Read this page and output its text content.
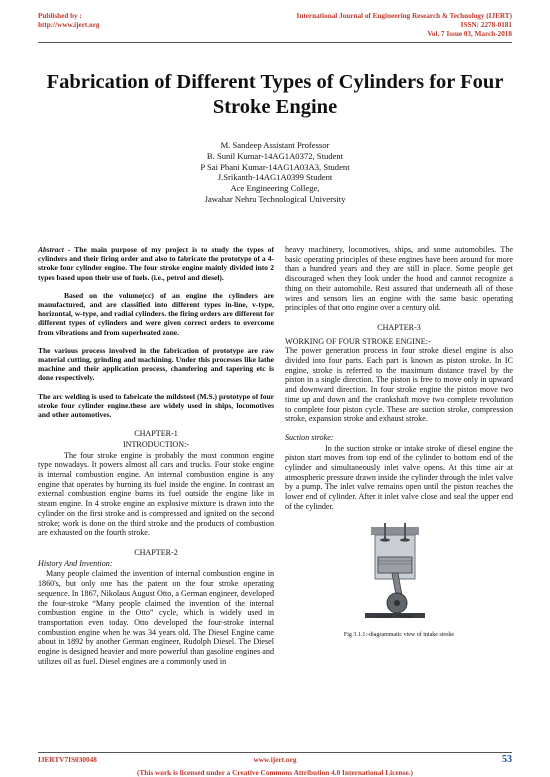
Published by :
http://www.ijert.org
International Journal of Engineering Research & Technology (IJERT)
ISSN: 2278-0181
Vol. 7 Issue 03, March-2018
Fabrication of Different Types of Cylinders for Four Stroke Engine
M. Sandeep Assistant Professor
B. Sunil Kumar-14AG1A0372, Student
P Sai Phani Kumar-14AG1A03A3, Student
J.Srikanth-14AG1A0399 Student
Ace Engineering College,
Jawahar Nehru Technological University

Abstract - The main purpose of my project is to study the types of cylinders and their firing order and also to fabricate the prototype of a 4-stroke four cylinder engine. The four stroke engine mainly divided into 2 types based upon their use of fuels. (i.e., petrol and diesel).

Based on the volume(cc) of an engine the cylinders are manufactured, and are classified into different types in-line, v-type, horizontal, w-type, and radial cylinders. the firing orders are different for different types of cylinders and were given correct orders to overcome from vibrations and from superheated zone.

The various process involved in the fabrication of prototype are raw material cutting, grinding and machining. Under this processes like lathe machine and their application process, chamfering and tapering etc is done respectively.

The arc welding is used to fabricate the mildsteel (M.S.) prototype of four stroke four cylinder engine.these are widely used in ships, locomotives and other automotives.

CHAPTER-1
INTRODUCTION:-

The four stroke engine is probably the most common engine type nowadays. It powers almost all cars and trucks. Four stoke engine is internal combustion engine. An internal combustion engine is any engine that operates by burning its fuel inside the engine. In contrast an external combustion engine burns its fuel outside the engine like in steam engine. In 4 stroke engine an explosive mixture is drawn into the cylinder on the first stroke and is compressed and ignited on the second stroke; work is done on the third stroke and the products of combustion are exhausted on the fourth stroke.

CHAPTER-2
History And Invention:

Many people claimed the invention of internal combustion engine in 1860's, but only one has the patent on the four stroke operating sequence. In 1867, Nikolaus August Otto, a German engineer, developed the four-stroke “Many people claimed the invention of the internal combustion engine in the Otto” cycle, which is widely used in transportation even today. Otto developed the four-stroke internal combustion engine when he was 34 years old. The Diesel Engine came about in 1892 by another German engineer, Rudolph Diesel. The Diesel engine is designed heavier and more powerful than gasoline engines and utilizes oil as fuel. Diesel engines are a commonly used in

heavy machinery, locomotives, ships, and some automobiles. The basic operating principles of these engines have been around for more than a hundred years and they are still in place. Some people get discouraged when they look under the hood and cannot recognize a thing on their automobile. Rest assured that underneath all of those wires and sensors lies an engine with the same basic operating principles of that otto engine over a century old.

CHAPTER-3
WORKING OF FOUR STROKE ENGINE:-

The power generation process in four stroke diesel engine is also divided into four parts. Each part is known as piston stroke. In IC engine, stroke is referred to the maximum distance travel by the piston in a single direction. The piston is free to move only in upward and downward direction. In four stroke engine the piston move two time up and down and the crankshaft move two complete revolution to complete four piston cycle. These are suction stroke, compression stroke, expansion stroke and exhaust stroke.

Suction stroke:

In the suction stroke or intake stroke of diesel engine the piston start moves from top end of the cylinder to bottom end of the cylinder and simultaneously inlet valve opens. At this time air at atmospheric pressure drawn inside the cylinder through the inlet valve by a pump. The inlet valve remains open until the piston reaches the lower end of cylinder. After it inlet valve close and seal the upper end of the cylinder.

INTAKE STROKE
Fig 3.1.1:-diagrammatic view of intake stroke
IJERTV7IS030048	www.ijert.org	53
(This work is licensed under a Creative Commons Attribution 4.0 International License.)
